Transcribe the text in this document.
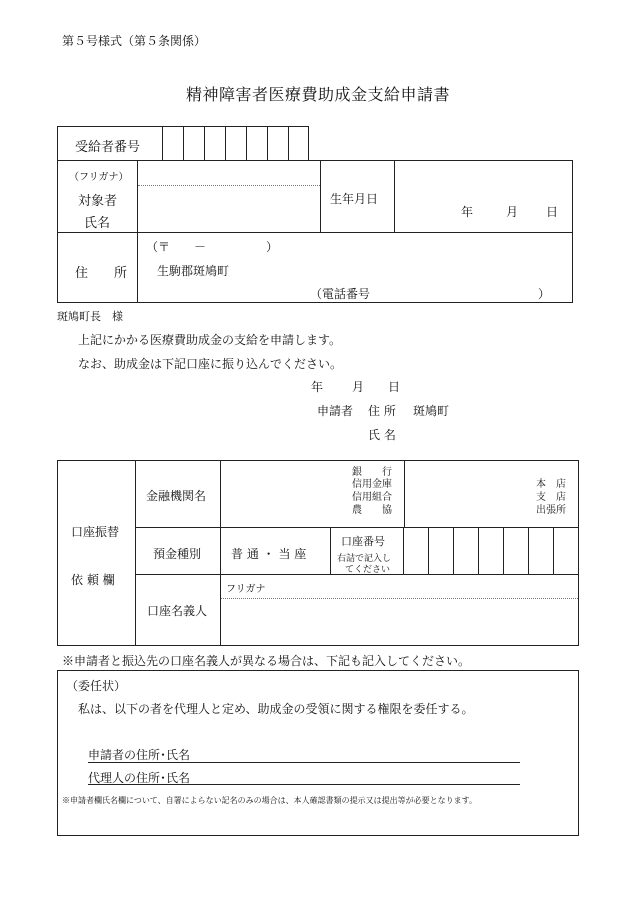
第５号様式（第５条関係）
精神障害者医療費助成金支給申請書
受給者番号
（フリガナ）
対象者
氏名
生年月日
年	月 日
住　　所
（〒　　－　　　　　）
生駒郡斑鳩町
（電話番号　　　　　　　　　　　　　　）
斑鳩町長　様
上記にかかる医療費助成金の支給を申請します。
なお、助成金は下記口座に振り込んでください。
年 月 日
申請者 住 所 斑鳩町
氏 名
口座振替
依 頼 欄
金融機関名
銀　　行
信用金庫
信用組合
農　　協
本　店
支　店
出張所
預金種別 普 通 ・ 当 座
口座番号
右詰で記入し
てください
口座名義人
フリガナ
※申請者と振込先の口座名義人が異なる場合は、下記も記入してください。
（委任状）
私は、以下の者を代理人と定め、助成金の受領に関する権限を委任する。
申請者の住所･氏名
代理人の住所･氏名
※申請者欄氏名欄について、自署によらない記名のみの場合は、本人確認書類の提示又は提出等が必要となります。
